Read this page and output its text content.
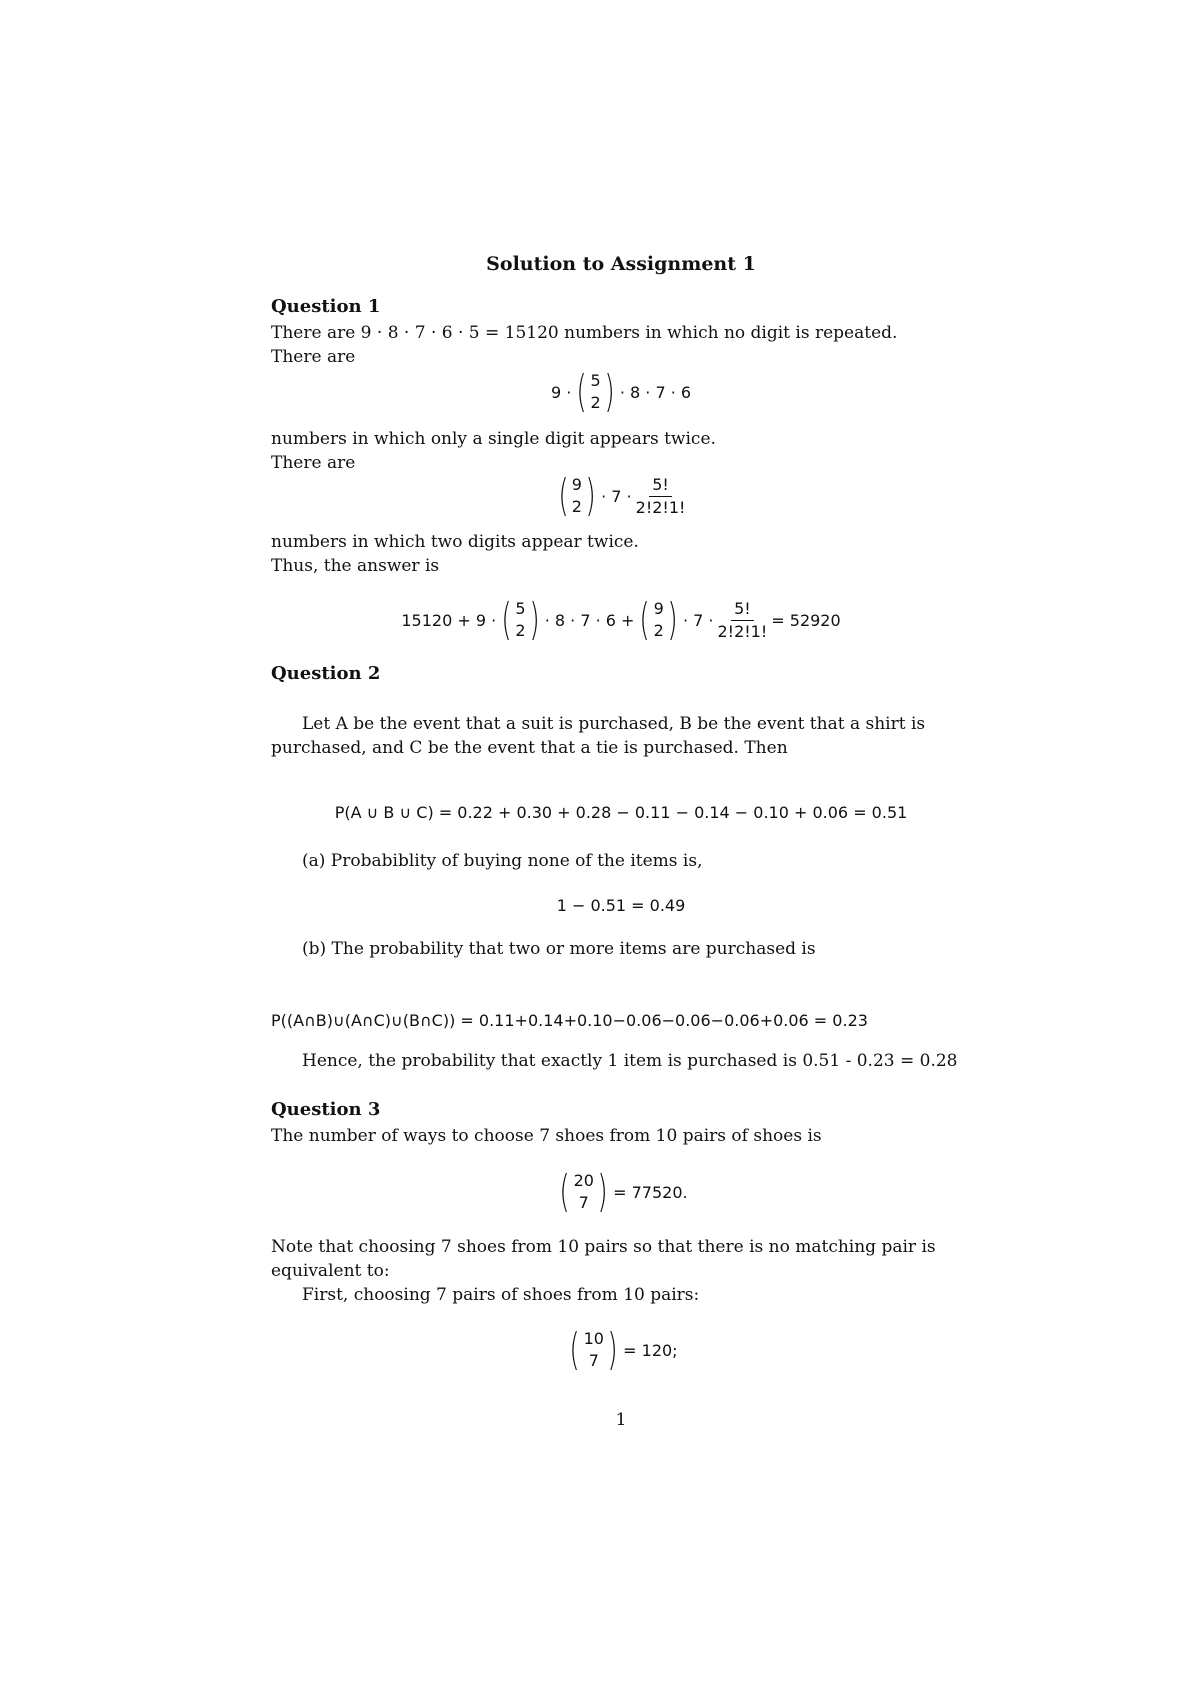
Solution to Assignment 1
Question 1
There are 9 · 8 · 7 · 6 · 5 = 15120 numbers in which no digit is repeated.
There are
9 · ( 5
2 ) · 8 · 7 · 6
numbers in which only a single digit appears twice.
There are
( 9
2 ) · $7 \cdot \frac{5!}{2!2!1!}$
numbers in which two digits appear twice.
Thus, the answer is
15120 + 9 · ( 5
2 ) · 8 · 7 · 6 + ( 9
2 ) · $7 \cdot \frac{5!}{2!2!1!} = 52920$
Question 2
Let A be the event that a suit is purchased, B be the event that a shirt is
purchased, and C be the event that a tie is purchased. Then
P(A ∪ B ∪ C) = 0.22 + 0.30 + 0.28 − 0.11 − 0.14 − 0.10 + 0.06 = 0.51
(a) Probabiblity of buying none of the items is,
1 − 0.51 = 0.49
(b) The probability that two or more items are purchased is
P((A∩B)∪(A∩C)∪(B∩C)) = 0.11+0.14+0.10−0.06−0.06−0.06+0.06 = 0.23
Hence, the probability that exactly 1 item is purchased is 0.51 - 0.23 = 0.28
Question 3
The number of ways to choose 7 shoes from 10 pairs of shoes is
( 20
7 ) = 77520.
Note that choosing 7 shoes from 10 pairs so that there is no matching pair is
equivalent to:
First, choosing 7 pairs of shoes from 10 pairs:
( 10
7 ) = 120;
1
